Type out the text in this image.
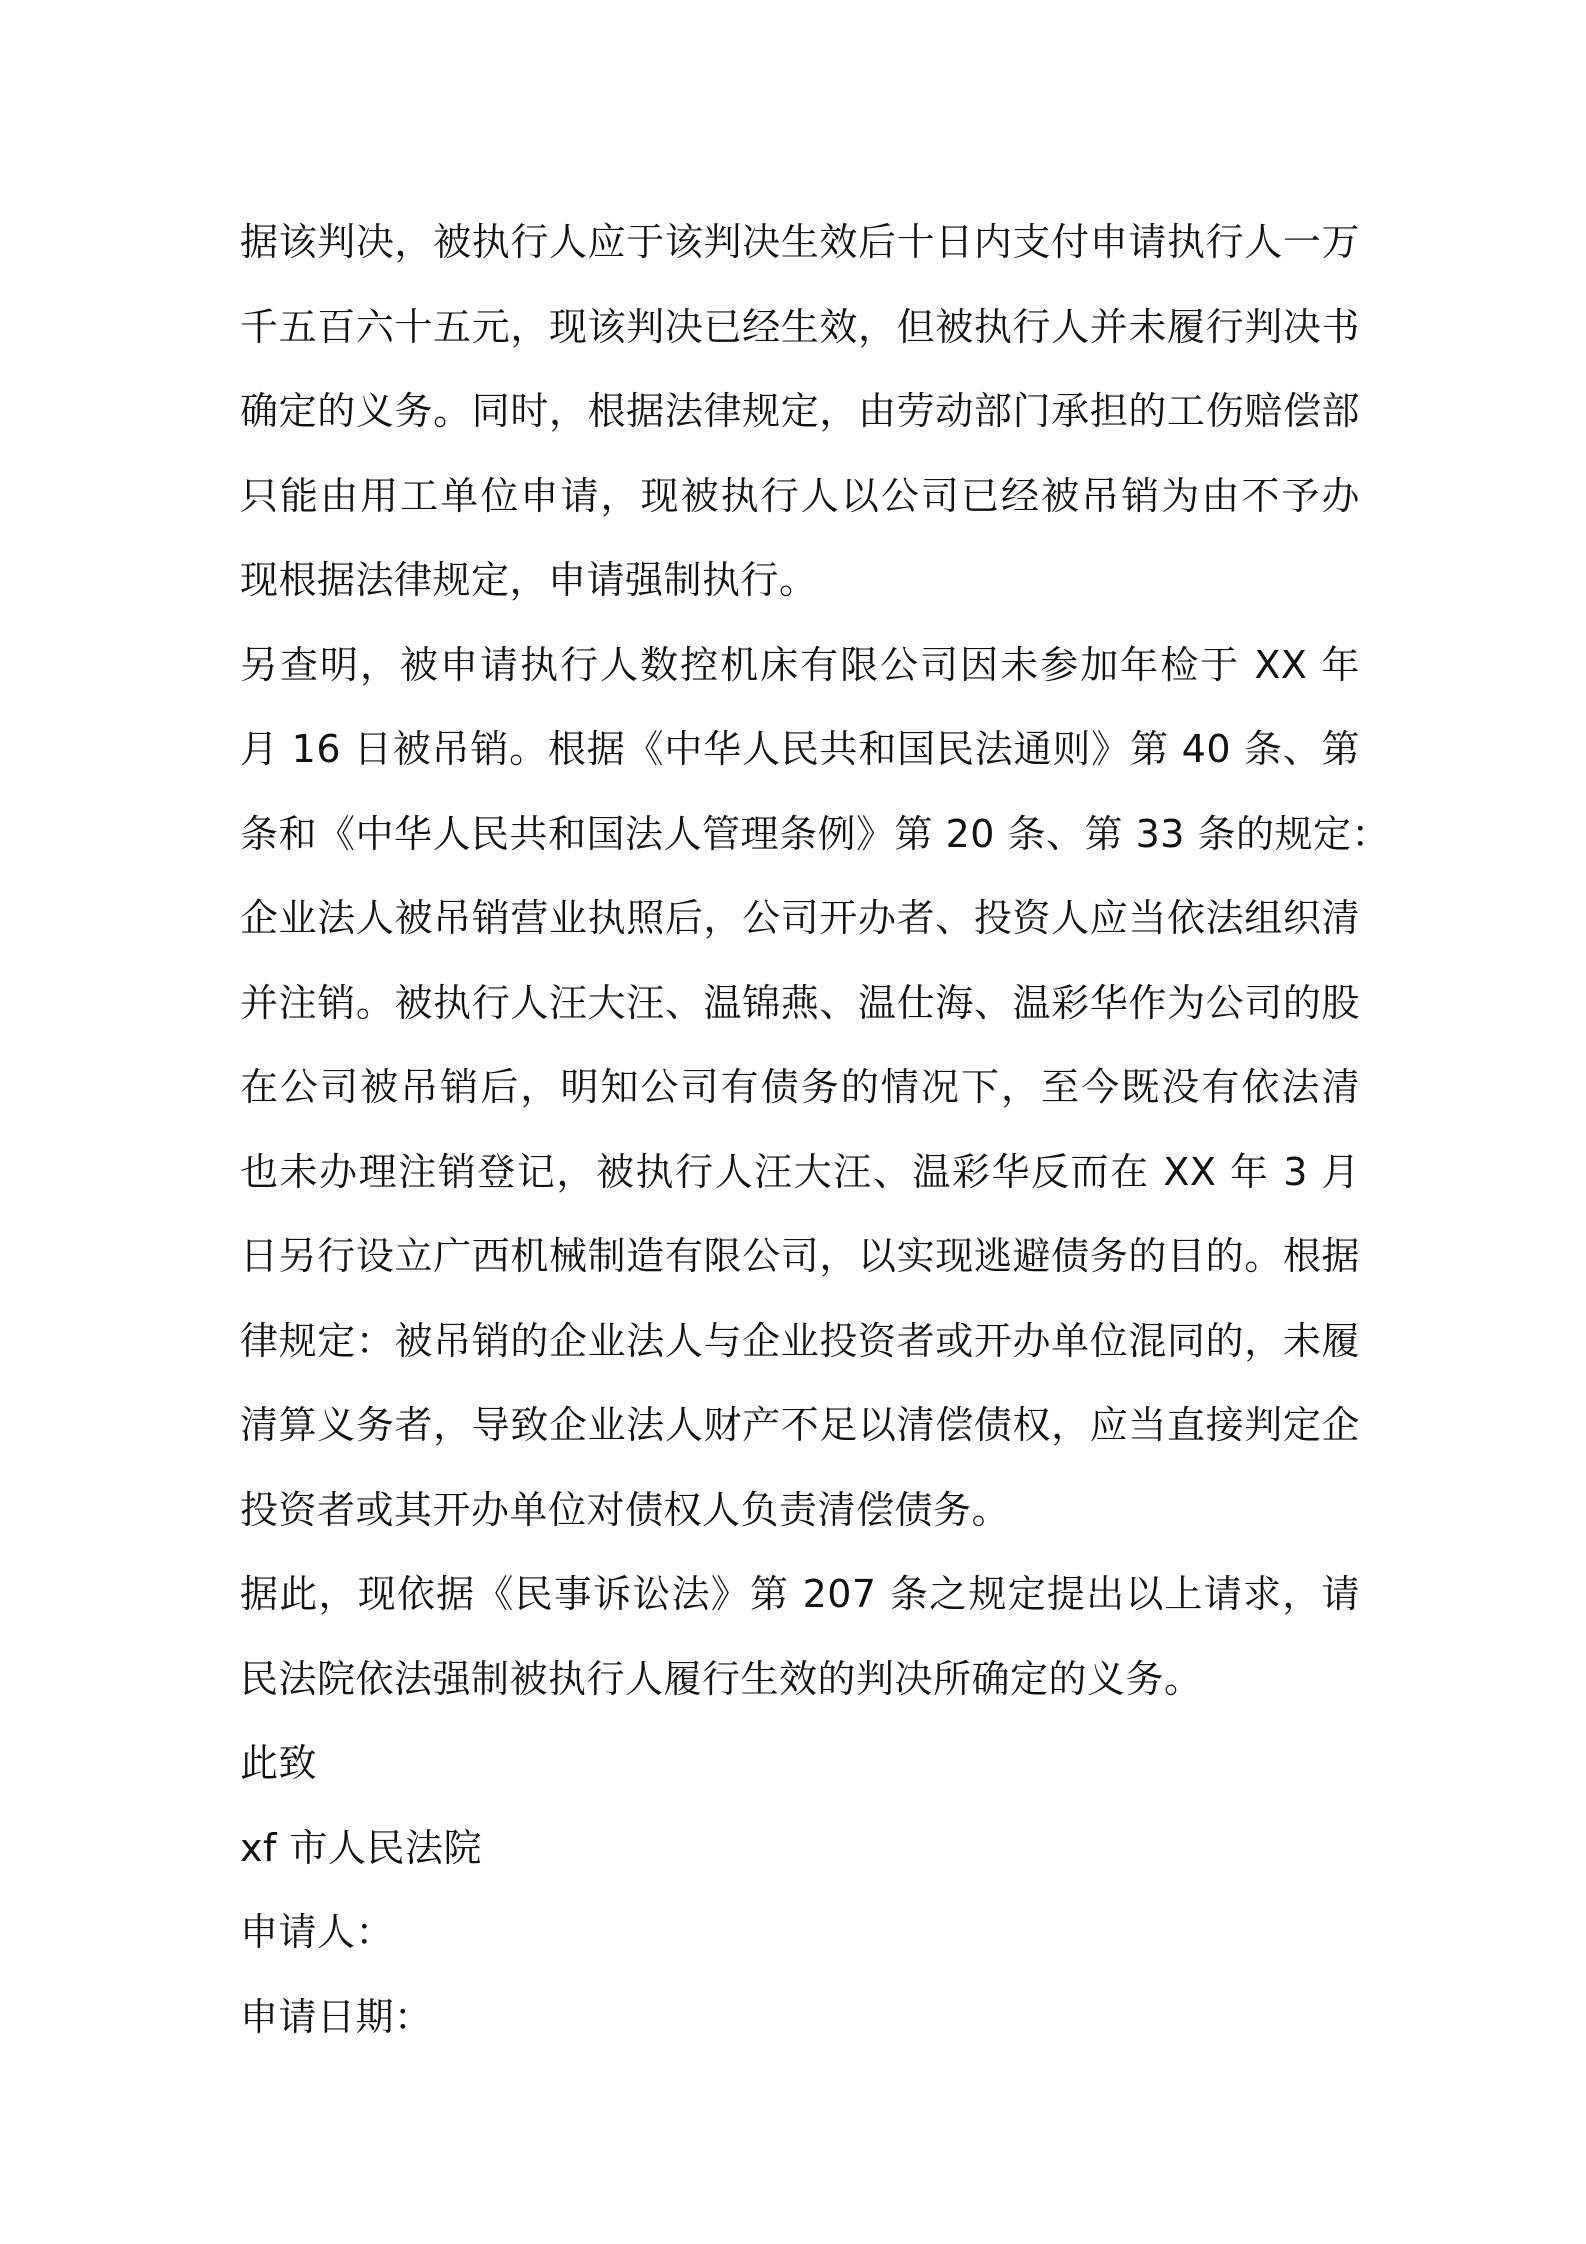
据该判决，被执行人应于该判决生效后十日内支付申请执行人一万
千五百六十五元，现该判决已经生效，但被执行人并未履行判决书
确定的义务。同时，根据法律规定，由劳动部门承担的工伤赔偿部
只能由用工单位申请，现被执行人以公司已经被吊销为由不予办
现根据法律规定，申请强制执行。
另查明，被申请执行人数控机床有限公司因未参加年检于 XX 年
月 16 日被吊销。根据《中华人民共和国民法通则》第 40 条、第
条和《中华人民共和国法人管理条例》第 20 条、第 33 条的规定：
企业法人被吊销营业执照后，公司开办者、投资人应当依法组织清
并注销。被执行人汪大汪、温锦燕、温仕海、温彩华作为公司的股
在公司被吊销后，明知公司有债务的情况下，至今既没有依法清
也未办理注销登记，被执行人汪大汪、温彩华反而在 XX 年 3 月
日另行设立广西机械制造有限公司，以实现逃避债务的目的。根据
律规定：被吊销的企业法人与企业投资者或开办单位混同的，未履
清算义务者，导致企业法人财产不足以清偿债权，应当直接判定企
投资者或其开办单位对债权人负责清偿债务。
据此，现依据《民事诉讼法》第 207 条之规定提出以上请求，请
民法院依法强制被执行人履行生效的判决所确定的义务。
此致
xf 市人民法院
申请人：
申请日期：
